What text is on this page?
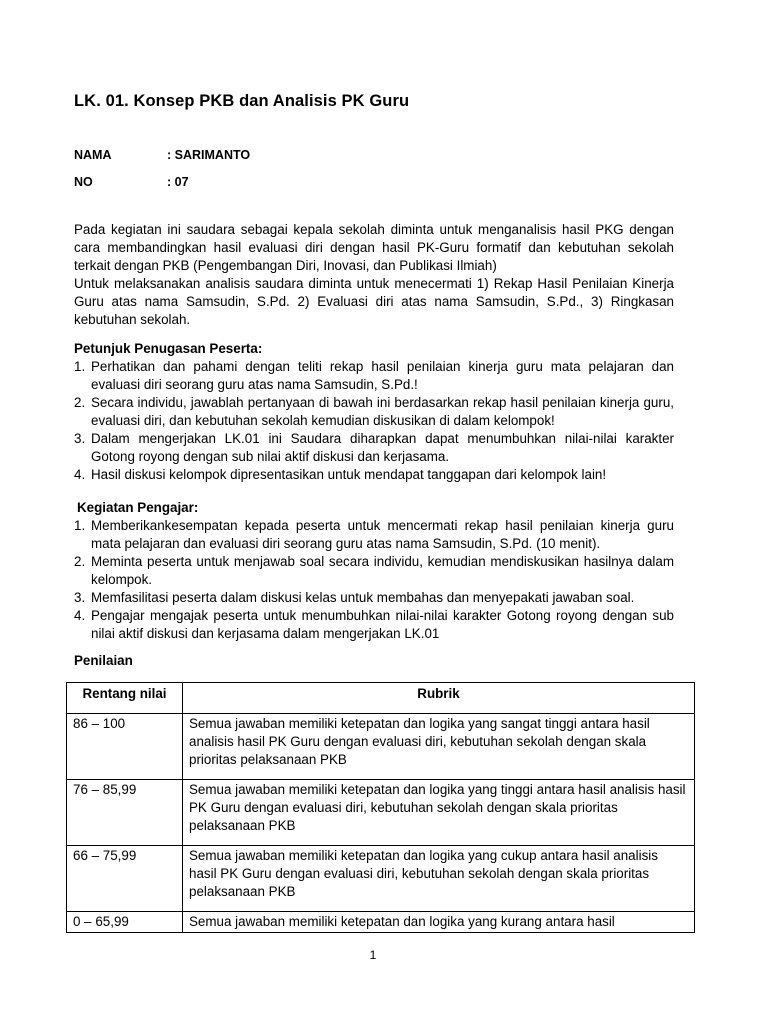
LK. 01. Konsep PKB dan Analisis PK Guru
NAMA	: SARIMANTO
NO	: 07

Pada kegiatan ini saudara sebagai kepala sekolah diminta untuk menganalisis hasil PKG dengan cara membandingkan hasil evaluasi diri dengan hasil PK-Guru formatif dan kebutuhan sekolah terkait dengan PKB (Pengembangan Diri, Inovasi, dan Publikasi Ilmiah)

Untuk melaksanakan analisis saudara diminta untuk menecermati 1) Rekap Hasil Penilaian Kinerja Guru atas nama Samsudin, S.Pd. 2) Evaluasi diri atas nama Samsudin, S.Pd., 3) Ringkasan kebutuhan sekolah.

Petunjuk Penugasan Peserta:
1. Perhatikan dan pahami dengan teliti rekap hasil penilaian kinerja guru mata pelajaran dan evaluasi diri seorang guru atas nama Samsudin, S.Pd.!
2. Secara individu, jawablah pertanyaan di bawah ini berdasarkan rekap hasil penilaian kinerja guru, evaluasi diri, dan kebutuhan sekolah kemudian diskusikan di dalam kelompok!
3. Dalam mengerjakan LK.01 ini Saudara diharapkan dapat menumbuhkan nilai-nilai karakter Gotong royong dengan sub nilai aktif diskusi dan kerjasama.
4. Hasil diskusi kelompok dipresentasikan untuk mendapat tanggapan dari kelompok lain!
Kegiatan Pengajar:
1. Memberikankesempatan kepada peserta untuk mencermati rekap hasil penilaian kinerja guru mata pelajaran dan evaluasi diri seorang guru atas nama Samsudin, S.Pd. (10 menit).
2. Meminta peserta untuk menjawab soal secara individu, kemudian mendiskusikan hasilnya dalam kelompok.
3. Memfasilitasi peserta dalam diskusi kelas untuk membahas dan menyepakati jawaban soal.
4. Pengajar mengajak peserta untuk menumbuhkan nilai-nilai karakter Gotong royong dengan sub nilai aktif diskusi dan kerjasama dalam mengerjakan LK.01
Penilaian
Rentang nilai	Rubrik
86 – 100	Semua jawaban memiliki ketepatan dan logika yang sangat tinggi antara hasil analisis hasil PK Guru dengan evaluasi diri, kebutuhan sekolah dengan skala prioritas pelaksanaan PKB
76 – 85,99	Semua jawaban memiliki ketepatan dan logika yang tinggi antara hasil analisis hasil PK Guru dengan evaluasi diri, kebutuhan sekolah dengan skala prioritas pelaksanaan PKB
66 – 75,99	Semua jawaban memiliki ketepatan dan logika yang cukup antara hasil analisis hasil PK Guru dengan evaluasi diri, kebutuhan sekolah dengan skala prioritas pelaksanaan PKB
0 – 65,99	Semua jawaban memiliki ketepatan dan logika yang kurang antara hasil
1
